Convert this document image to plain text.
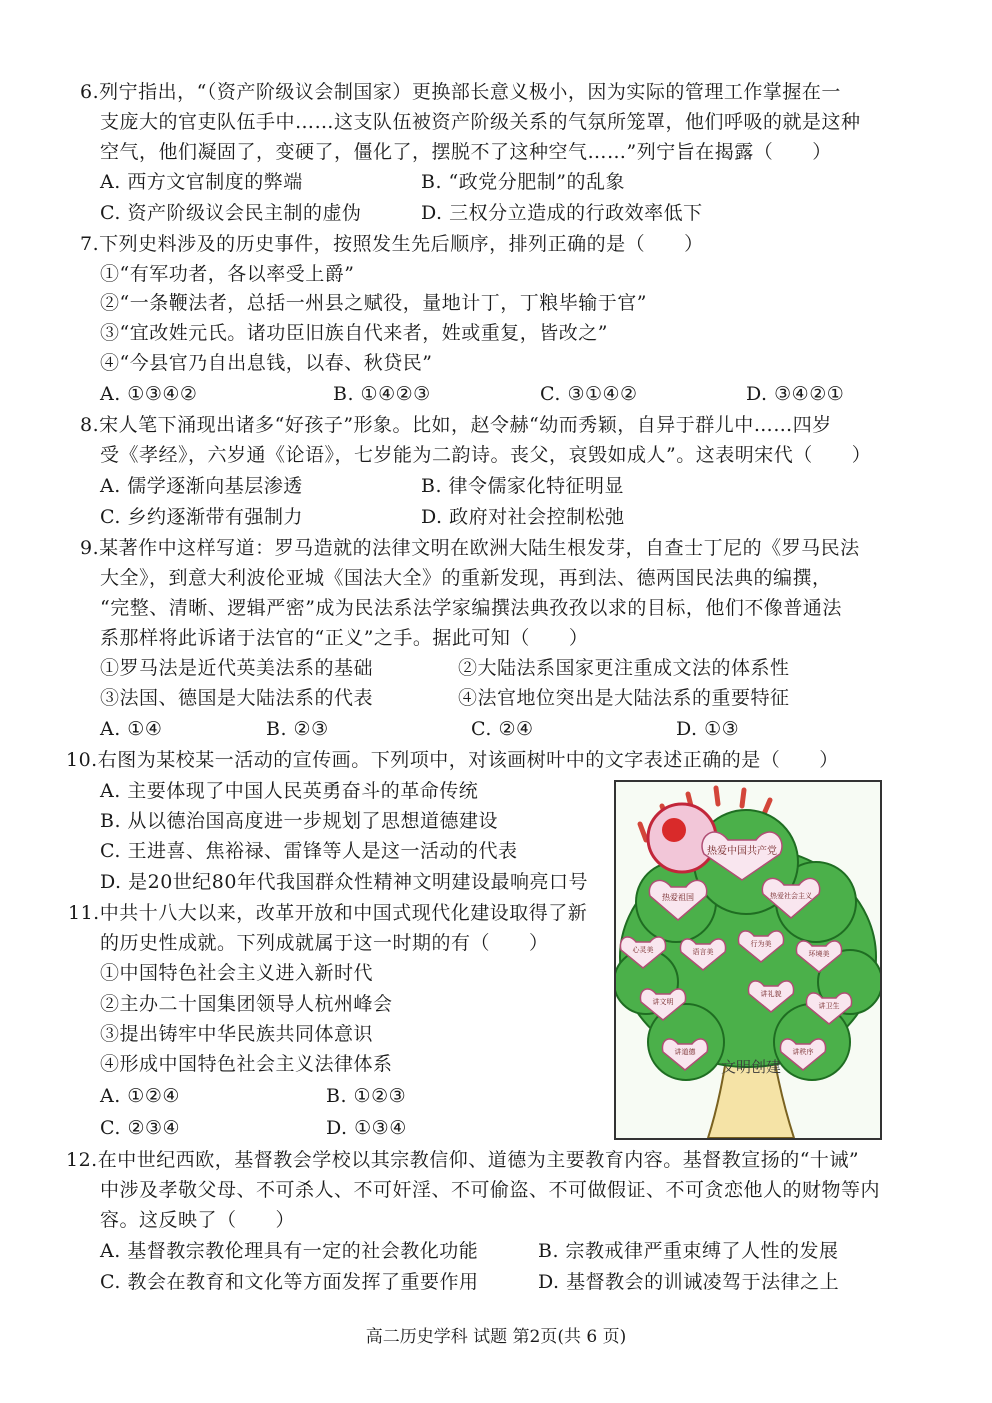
6.列宁指出，“（资产阶级议会制国家）更换部长意义极小，因为实际的管理工作掌握在一
支庞大的官吏队伍手中……这支队伍被资产阶级关系的气氛所笼罩，他们呼吸的就是这种
空气，他们凝固了，变硬了，僵化了，摆脱不了这种空气……”列宁旨在揭露（　　）
A. 西方文官制度的弊端	B. “政党分肥制”的乱象
C. 资产阶级议会民主制的虚伪	D. 三权分立造成的行政效率低下
7.下列史料涉及的历史事件，按照发生先后顺序，排列正确的是（　　）
①“有军功者，各以率受上爵”
②“一条鞭法者，总括一州县之赋役，量地计丁，丁粮毕输于官”
③“宜改姓元氏。诸功臣旧族自代来者，姓或重复，皆改之”
④“今县官乃自出息钱，以春、秋贷民”
A. ①③④②	B. ①④②③	C. ③①④②	D. ③④②①
8.宋人笔下涌现出诸多“好孩子”形象。比如，赵令赫“幼而秀颖，自异于群儿中……四岁
受《孝经》，六岁通《论语》，七岁能为二韵诗。丧父，哀毁如成人”。这表明宋代（　　）
A. 儒学逐渐向基层渗透	B. 律令儒家化特征明显
C. 乡约逐渐带有强制力	D. 政府对社会控制松弛
9.某著作中这样写道：罗马造就的法律文明在欧洲大陆生根发芽，自查士丁尼的《罗马民法
大全》，到意大利波伦亚城《国法大全》的重新发现，再到法、德两国民法典的编撰，
“完整、清晰、逻辑严密”成为民法系法学家编撰法典孜孜以求的目标，他们不像普通法
系那样将此诉诸于法官的“正义”之手。据此可知（　　）
①罗马法是近代英美法系的基础	②大陆法系国家更注重成文法的体系性
③法国、德国是大陆法系的代表	④法官地位突出是大陆法系的重要特征
A. ①④	B. ②③	C. ②④	D. ①③
10.右图为某校某一活动的宣传画。下列项中，对该画树叶中的文字表述正确的是（　　）
A. 主要体现了中国人民英勇奋斗的革命传统
B. 从以德治国高度进一步规划了思想道德建设
C. 王进喜、焦裕禄、雷锋等人是这一活动的代表
D. 是20世纪80年代我国群众性精神文明建设最响亮口号
热爱中国共产党
热爱祖国	热爱社会主义
心灵美	语言美
行为美
环境美
讲文明
讲礼貌
讲卫生
讲道德	讲秩序
文明创建
11.中共十八大以来，改革开放和中国式现代化建设取得了新
的历史性成就。下列成就属于这一时期的有（　　）
①中国特色社会主义进入新时代
②主办二十国集团领导人杭州峰会
③提出铸牢中华民族共同体意识
④形成中国特色社会主义法律体系
A. ①②④	B. ①②③
C. ②③④	D. ①③④
12.在中世纪西欧，基督教会学校以其宗教信仰、道德为主要教育内容。基督教宣扬的“十诫”
中涉及孝敬父母、不可杀人、不可奸淫、不可偷盗、不可做假证、不可贪恋他人的财物等内
容。这反映了（　　）
A. 基督教宗教伦理具有一定的社会教化功能	B. 宗教戒律严重束缚了人性的发展
C. 教会在教育和文化等方面发挥了重要作用	D. 基督教会的训诫凌驾于法律之上
高二历史学科 试题 第2页(共 6 页)
